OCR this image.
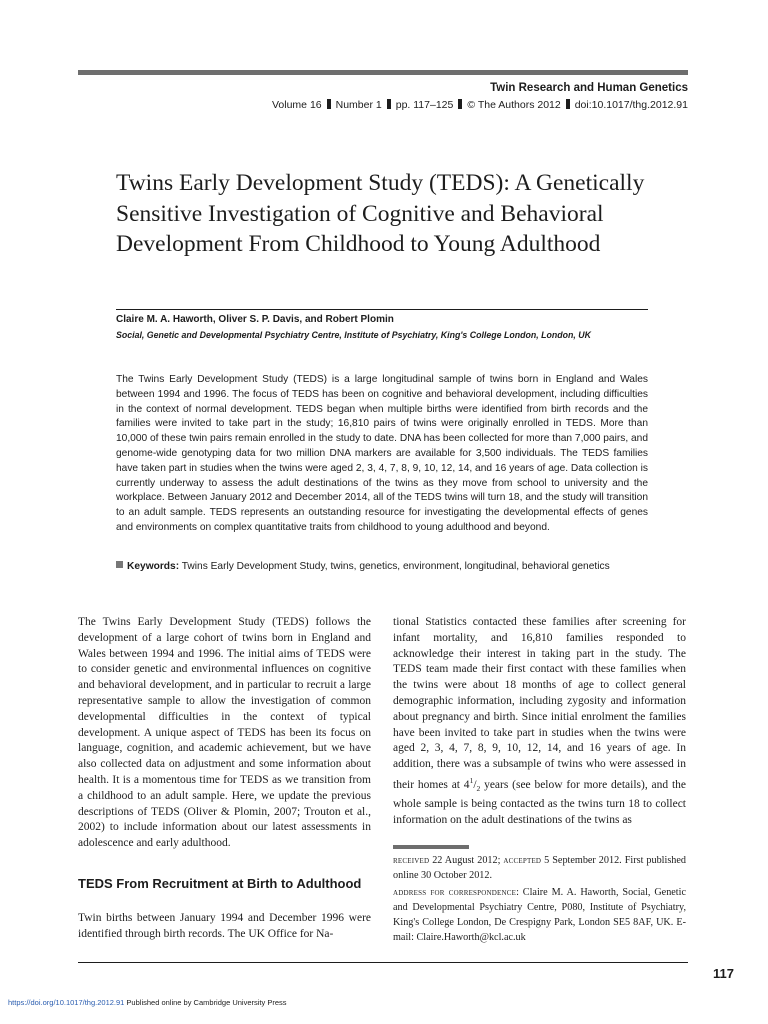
Twin Research and Human Genetics
Volume 16 Number 1 pp. 117–125 © The Authors 2012 doi:10.1017/thg.2012.91
Twins Early Development Study (TEDS): A Genetically Sensitive Investigation of Cognitive and Behavioral Development From Childhood to Young Adulthood
Claire M. A. Haworth, Oliver S. P. Davis, and Robert Plomin
Social, Genetic and Developmental Psychiatry Centre, Institute of Psychiatry, King's College London, London, UK

The Twins Early Development Study (TEDS) is a large longitudinal sample of twins born in England and Wales between 1994 and 1996. The focus of TEDS has been on cognitive and behavioral development, including difficulties in the context of normal development. TEDS began when multiple births were identified from birth records and the families were invited to take part in the study; 16,810 pairs of twins were originally enrolled in TEDS. More than 10,000 of these twin pairs remain enrolled in the study to date. DNA has been collected for more than 7,000 pairs, and genome-wide genotyping data for two million DNA markers are available for 3,500 individuals. The TEDS families have taken part in studies when the twins were aged 2, 3, 4, 7, 8, 9, 10, 12, 14, and 16 years of age. Data collection is currently underway to assess the adult destinations of the twins as they move from school to university and the workplace. Between January 2012 and December 2014, all of the TEDS twins will turn 18, and the study will transition to an adult sample. TEDS represents an outstanding resource for investigating the developmental effects of genes and environments on complex quantitative traits from childhood to young adulthood and beyond.

Keywords: Twins Early Development Study, twins, genetics, environment, longitudinal, behavioral genetics

The Twins Early Development Study (TEDS) follows the development of a large cohort of twins born in England and Wales between 1994 and 1996. The initial aims of TEDS were to consider genetic and environmental influences on cognitive and behavioral development, and in particular to recruit a large representative sample to allow the investigation of common developmental difficulties in the context of typical development. A unique aspect of TEDS has been its focus on language, cognition, and academic achievement, but we have also collected data on adjustment and some information about health. It is a momentous time for TEDS as we transition from a childhood to an adult sample. Here, we update the previous descriptions of TEDS (Oliver & Plomin, 2007; Trouton et al., 2002) to include information about our latest assessments in adolescence and early adulthood.

TEDS From Recruitment at Birth to Adulthood

Twin births between January 1994 and December 1996 were identified through birth records. The UK Office for Na-

tional Statistics contacted these families after screening for infant mortality, and 16,810 families responded to acknowledge their interest in taking part in the study. The TEDS team made their first contact with these families when the twins were about 18 months of age to collect general demographic information, including zygosity and information about pregnancy and birth. Since initial enrolment the families have been invited to take part in studies when the twins were aged 2, 3, 4, 7, 8, 9, 10, 12, 14, and 16 years of age. In addition, there was a subsample of twins who were assessed in their homes at $4^1/_2$ years (see below for more details), and the whole sample is being contacted as the twins turn 18 to collect information on the adult destinations of the twins as

received 22 August 2012; accepted 5 September 2012. First published online 30 October 2012.

address for correspondence: Claire M. A. Haworth, Social, Genetic and Developmental Psychiatry Centre, P080, Institute of Psychiatry, King's College London, De Crespigny Park, London SE5 8AF, UK. E-mail: Claire.Haworth@kcl.ac.uk

117
https://doi.org/10.1017/thg.2012.91 Published online by Cambridge University Press
